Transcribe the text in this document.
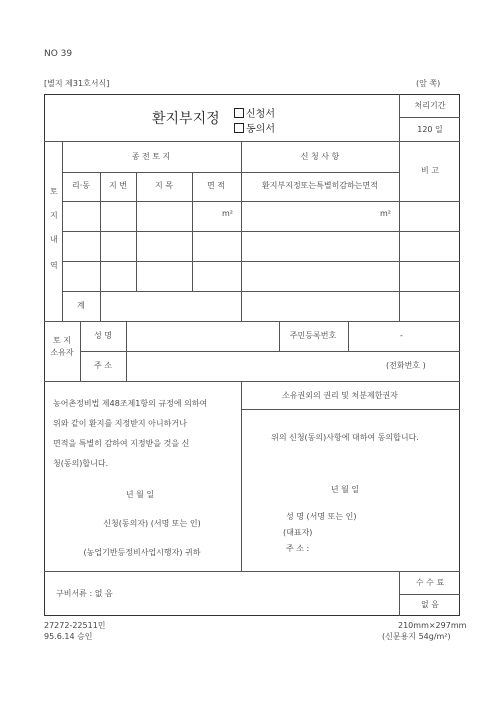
NO 39
[별지 제31호서식]	(앞 쪽)
환지부지정	신청서
동의서
처리기간
120 일
토
지
내
역
종 전 토 지	신 청 사 항
비 고
리·동 지 번	지 목	면 적	환지부지정또는특별히감하는면적
m²	m²
계
토 지
소유자
성 명	주민등록번호	-
주 소	(전화번호 )
농어촌정비법 제48조제1항의 규정에 의하여
위와 같이 환지를 지정받지 아니하거나
면적을 특별히 감하여 지정받을 것을 신
청(동의)합니다.
년 월 일
신청(동의자) (서명 또는 인)
(농업기반등정비사업시행자) 귀하
소유권외의 권리 및 처분제한권자
위의 신청(동의)사항에 대하여 동의합니다.
년 월 일
성 명 (서명 또는 인)
(대표자)
주 소 :
구비서류 : 없 음
수 수 료
없 음
27272-22511민
95.6.14 승인
210mm×297mm
(신문용지 54g/m²)
